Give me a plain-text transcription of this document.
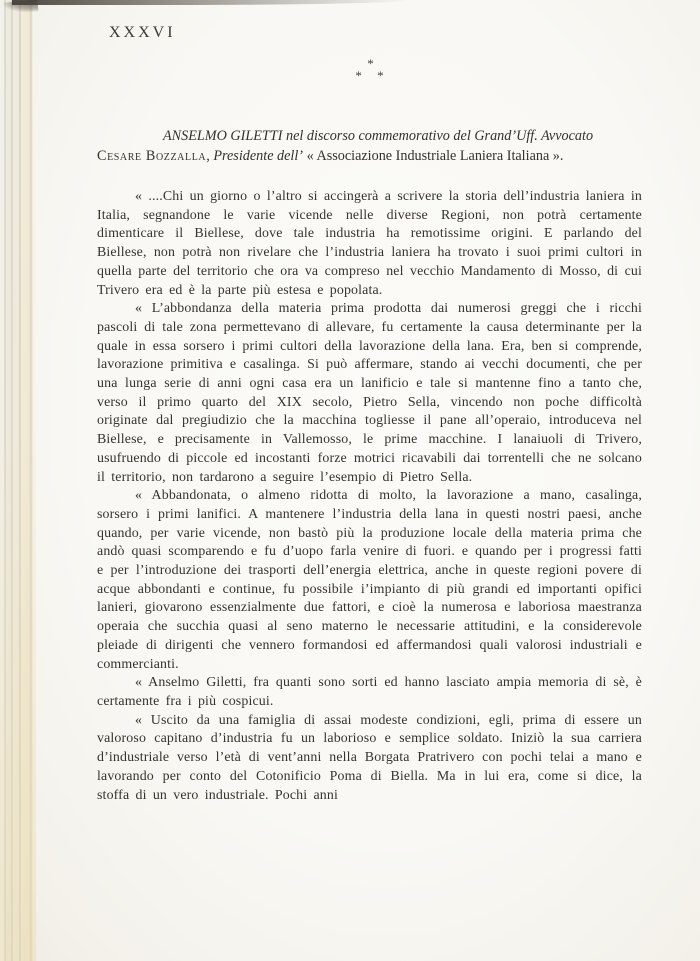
XXXVI
*
* *

ANSELMO GILETTI nel discorso commemorativo del Grand’Uff. Avvocato
Cesare Bozzalla, Presidente dell’ « Associazione Industriale Laniera Italiana ».

« ....Chi un giorno o l’altro si accingerà a scrivere la storia dell’industria laniera in Italia, segnandone le varie vicende nelle diverse Regioni, non potrà certamente dimenticare il Biellese, dove tale industria ha remotissime origini. E parlando del Biellese, non potrà non rivelare che l’industria laniera ha trovato i suoi primi cultori in quella parte del territorio che ora va compreso nel vecchio Mandamento di Mosso, di cui Trivero era ed è la parte più estesa e popolata.

« L’abbondanza della materia prima prodotta dai numerosi greggi che i ricchi pascoli di tale zona permettevano di allevare, fu certamente la causa determinante per la quale in essa sorsero i primi cultori della lavorazione della lana. Era, ben si comprende, lavorazione primitiva e casalinga. Si può affermare, stando ai vecchi documenti, che per una lunga serie di anni ogni casa era un lanificio e tale si mantenne fino a tanto che, verso il primo quarto del XIX secolo, Pietro Sella, vincendo non poche difficoltà originate dal pregiudizio che la macchina togliesse il pane all’operaio, introduceva nel Biellese, e precisamente in Vallemosso, le prime macchine. I lanaiuoli di Trivero, usufruendo di piccole ed incostanti forze motrici ricavabili dai torrentelli che ne solcano il territorio, non tardarono a seguire l’esempio di Pietro Sella.

« Abbandonata, o almeno ridotta di molto, la lavorazione a mano, casalinga, sorsero i primi lanifici. A mantenere l’industria della lana in questi nostri paesi, anche quando, per varie vicende, non bastò più la produzione locale della materia prima che andò quasi scomparendo e fu d’uopo farla venire di fuori. e quando per i progressi fatti e per l’introduzione dei trasporti dell’energia elettrica, anche in queste regioni povere di acque abbondanti e continue, fu possibile i’impianto di più grandi ed importanti opifici lanieri, giovarono essenzialmente due fattori, e cioè la numerosa e laboriosa maestranza operaia che succhia quasi al seno materno le necessarie attitudini, e la considerevole pleiade di dirigenti che vennero formandosi ed affermandosi quali valorosi industriali e commercianti.

« Anselmo Giletti, fra quanti sono sorti ed hanno lasciato ampia memoria di sè, è certamente fra i più cospicui.

« Uscito da una famiglia di assai modeste condizioni, egli, prima di essere un valoroso capitano d’industria fu un laborioso e semplice soldato. Iniziò la sua carriera d’industriale verso l’età di vent’anni nella Borgata Pratrivero con pochi telai a mano e lavorando per conto del Cotonificio Poma di Biella. Ma in lui era, come si dice, la stoffa di un vero industriale. Pochi anni
